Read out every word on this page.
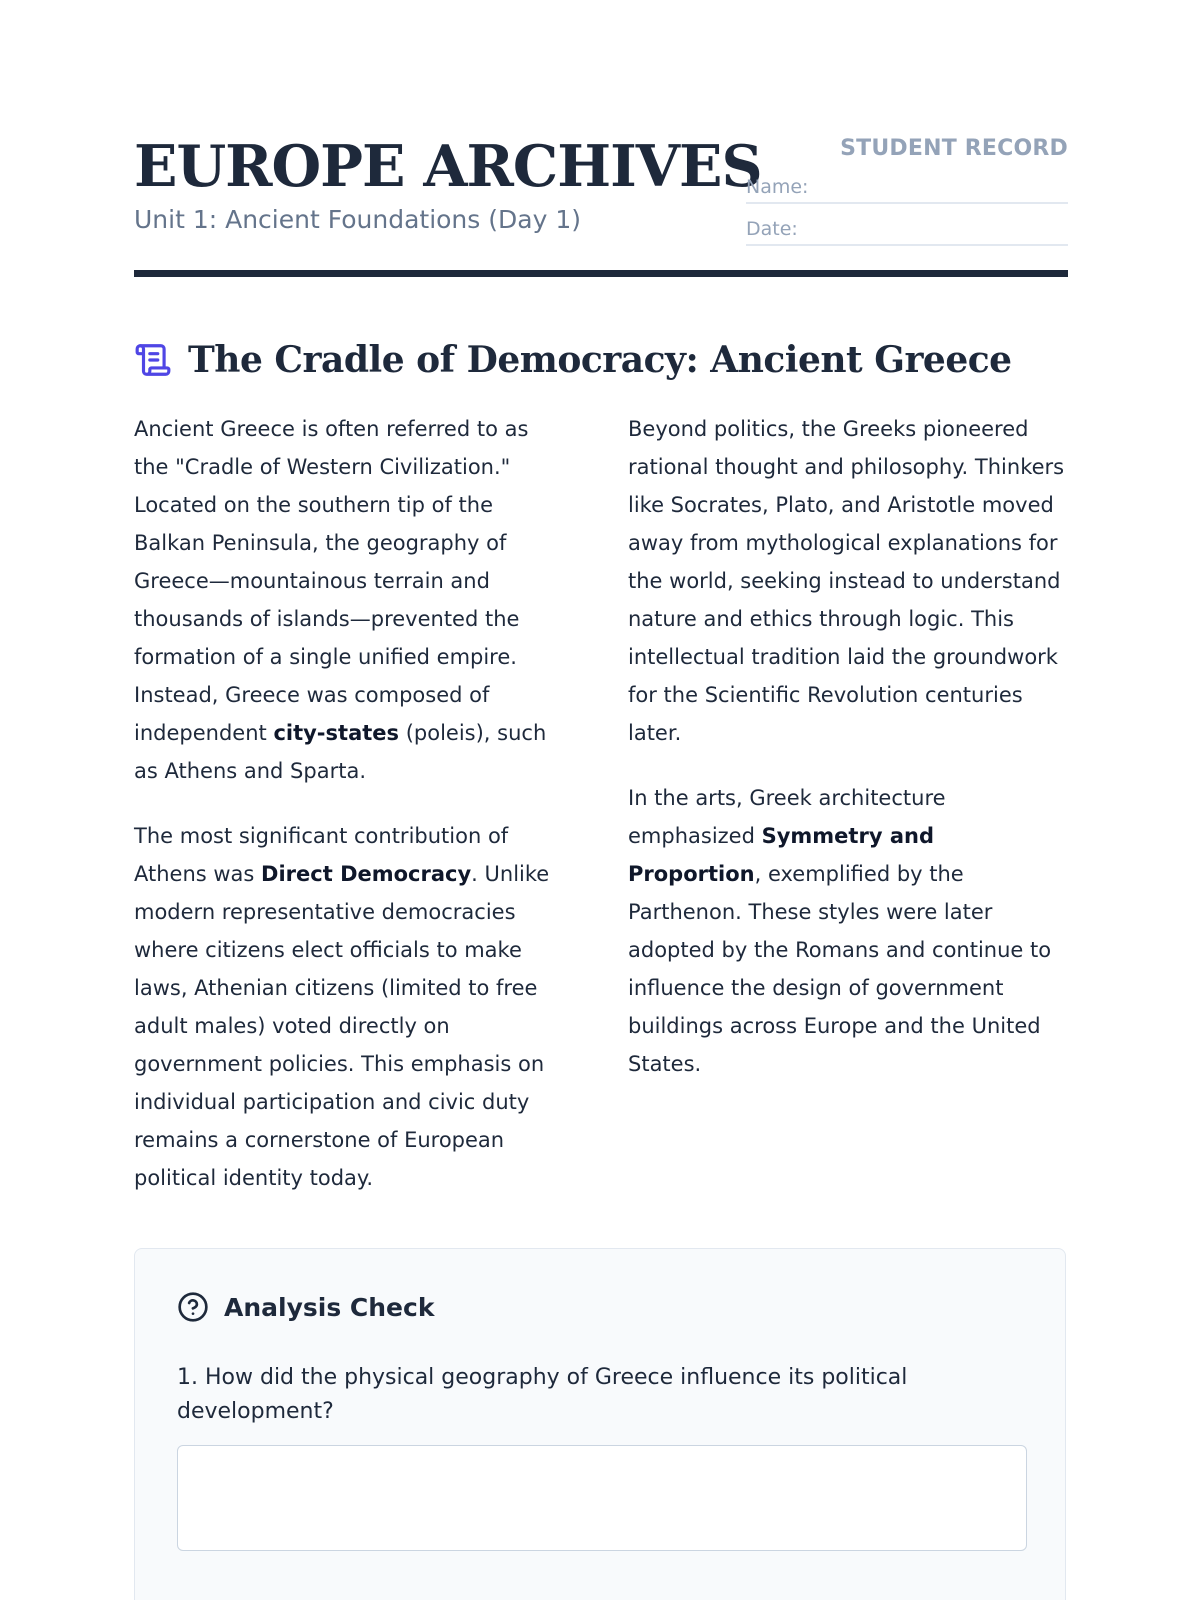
EUROPE ARCHIVES
Unit 1: Ancient Foundations (Day 1)
STUDENT RECORD
Name:
Date:
The Cradle of Democracy: Ancient Greece

Ancient Greece is often referred to as the "Cradle of Western Civilization." Located on the southern tip of the Balkan Peninsula, the geography of Greece—mountainous terrain and thousands of islands—prevented the formation of a single unified empire. Instead, Greece was composed of independent city-states (poleis), such as Athens and Sparta.

The most significant contribution of Athens was Direct Democracy. Unlike modern representative democracies where citizens elect officials to make laws, Athenian citizens (limited to free adult males) voted directly on government policies. This emphasis on individual participation and civic duty remains a cornerstone of European political identity today.

Beyond politics, the Greeks pioneered rational thought and philosophy. Thinkers like Socrates, Plato, and Aristotle moved away from mythological explanations for the world, seeking instead to understand nature and ethics through logic. This intellectual tradition laid the groundwork for the Scientific Revolution centuries later.

In the arts, Greek architecture emphasized Symmetry and Proportion, exemplified by the Parthenon. These styles were later adopted by the Romans and continue to influence the design of government buildings across Europe and the United States.

Analysis Check
1. How did the physical geography of Greece influence its political development?
